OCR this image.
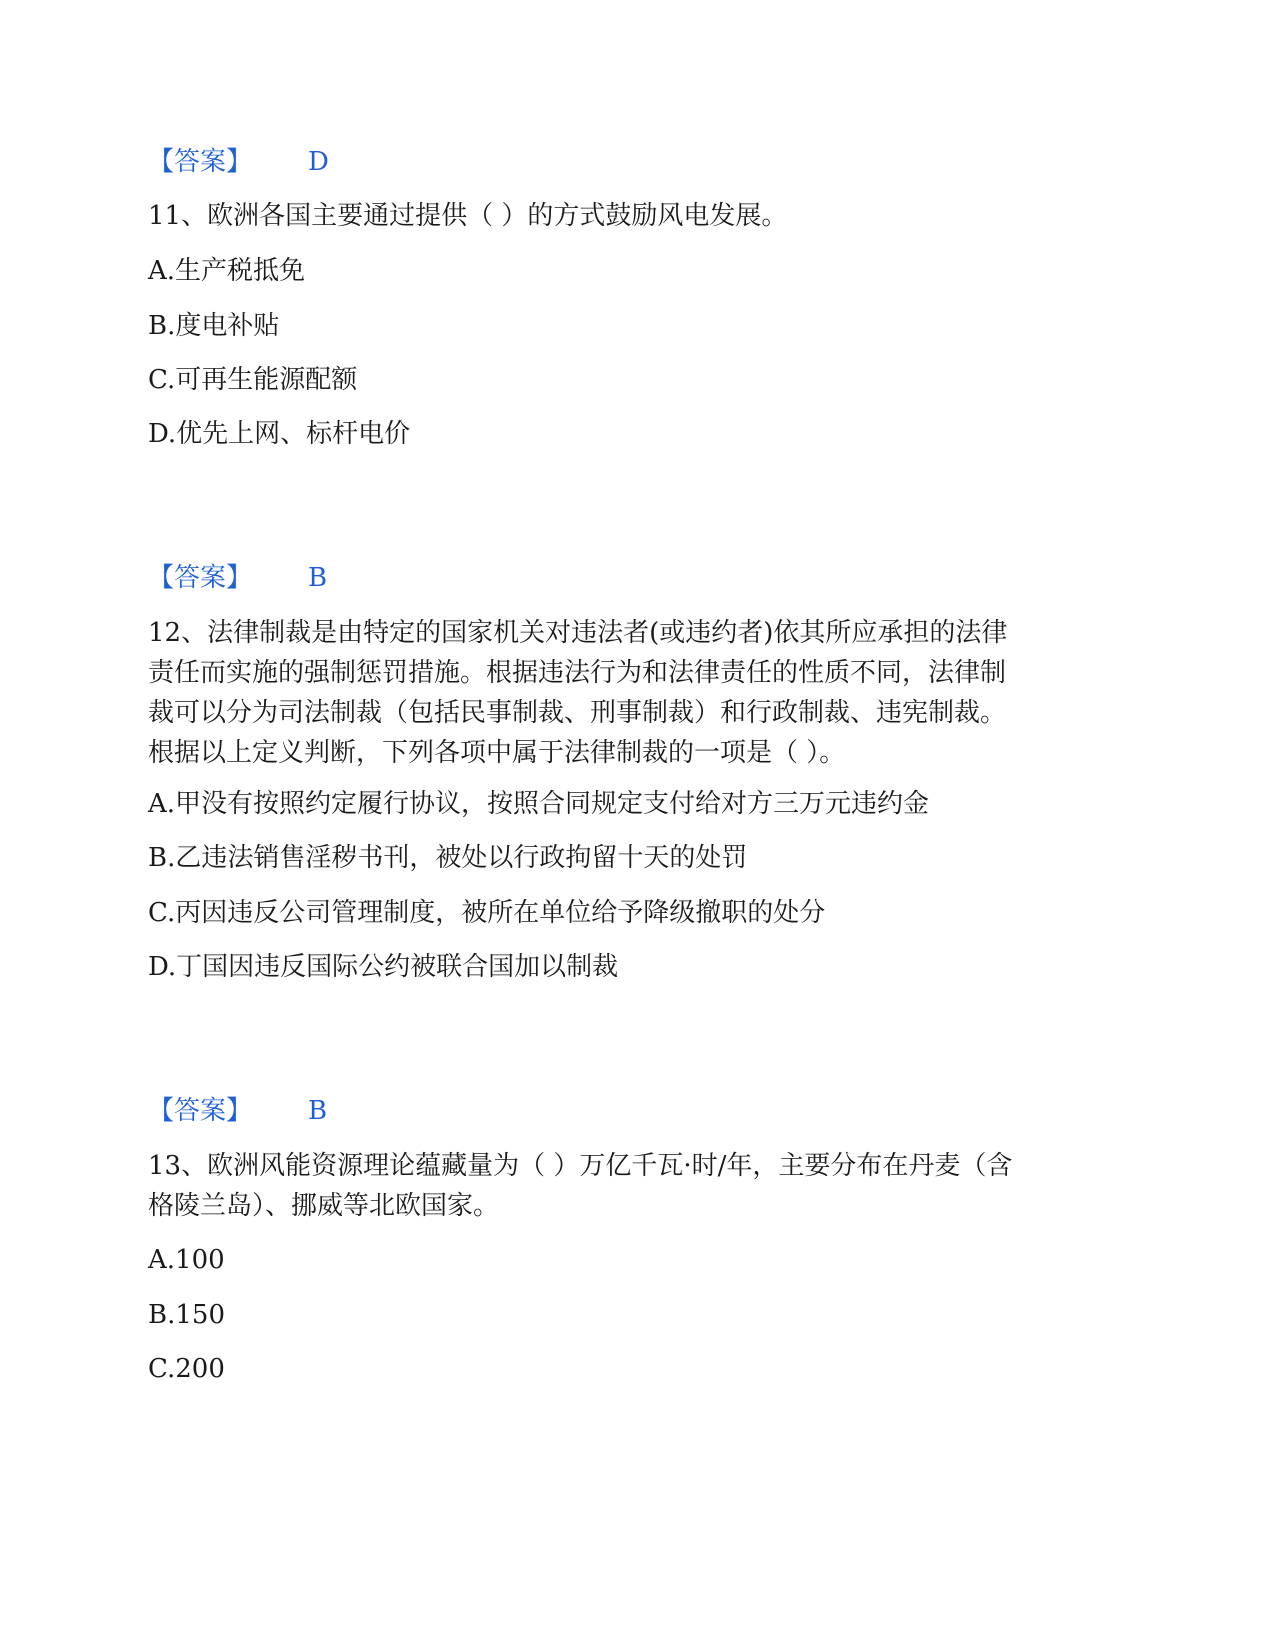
【答案】 D
11、欧洲各国主要通过提供（ ）的方式鼓励风电发展。
A.生产税抵免
B.度电补贴
C.可再生能源配额
D.优先上网、标杆电价
【答案】 B
12、法律制裁是由特定的国家机关对违法者(或违约者)依其所应承担的法律
责任而实施的强制惩罚措施。根据违法行为和法律责任的性质不同，法律制
裁可以分为司法制裁（包括民事制裁、刑事制裁）和行政制裁、违宪制裁。
根据以上定义判断，下列各项中属于法律制裁的一项是（ ）。
A.甲没有按照约定履行协议，按照合同规定支付给对方三万元违约金
B.乙违法销售淫秽书刊，被处以行政拘留十天的处罚
C.丙因违反公司管理制度，被所在单位给予降级撤职的处分
D.丁国因违反国际公约被联合国加以制裁
【答案】 B
13、欧洲风能资源理论蕴藏量为（ ）万亿千瓦·时/年，主要分布在丹麦（含
格陵兰岛）、挪威等北欧国家。
A.100
B.150
C.200
